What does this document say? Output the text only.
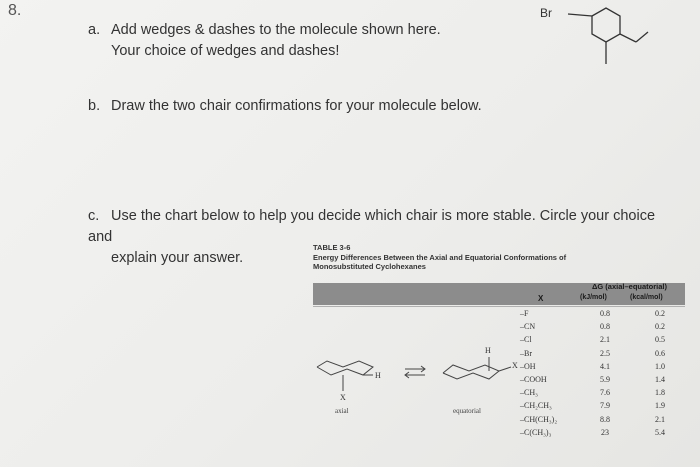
8.
a. Add wedges & dashes to the molecule shown here.
Your choice of wedges and dashes!
b. Draw the two chair confirmations for your molecule below.
c. Use the chart below to help you decide which chair is more stable. Circle your choice and
explain your answer.
Br
TABLE 3-6
Energy Differences Between the Axial and Equatorial Conformations of
Monosubstituted Cyclohexanes
ΔG (axial–equatorial)
X	(kJ/mol)	(kcal/mol)
–F	0.8	0.2
–CN	0.8	0.2
–Cl	2.1	0.5
–Br	2.5	0.6
–OH	4.1	1.0
–COOH	5.9	1.4
–CH₃	7.6	1.8
–CH₂CH₃	7.9	1.9
–CH(CH₃)₂	8.8	2.1
–C(CH₃)₃	23	5.4
H
X
axial
H
X
equatorial
